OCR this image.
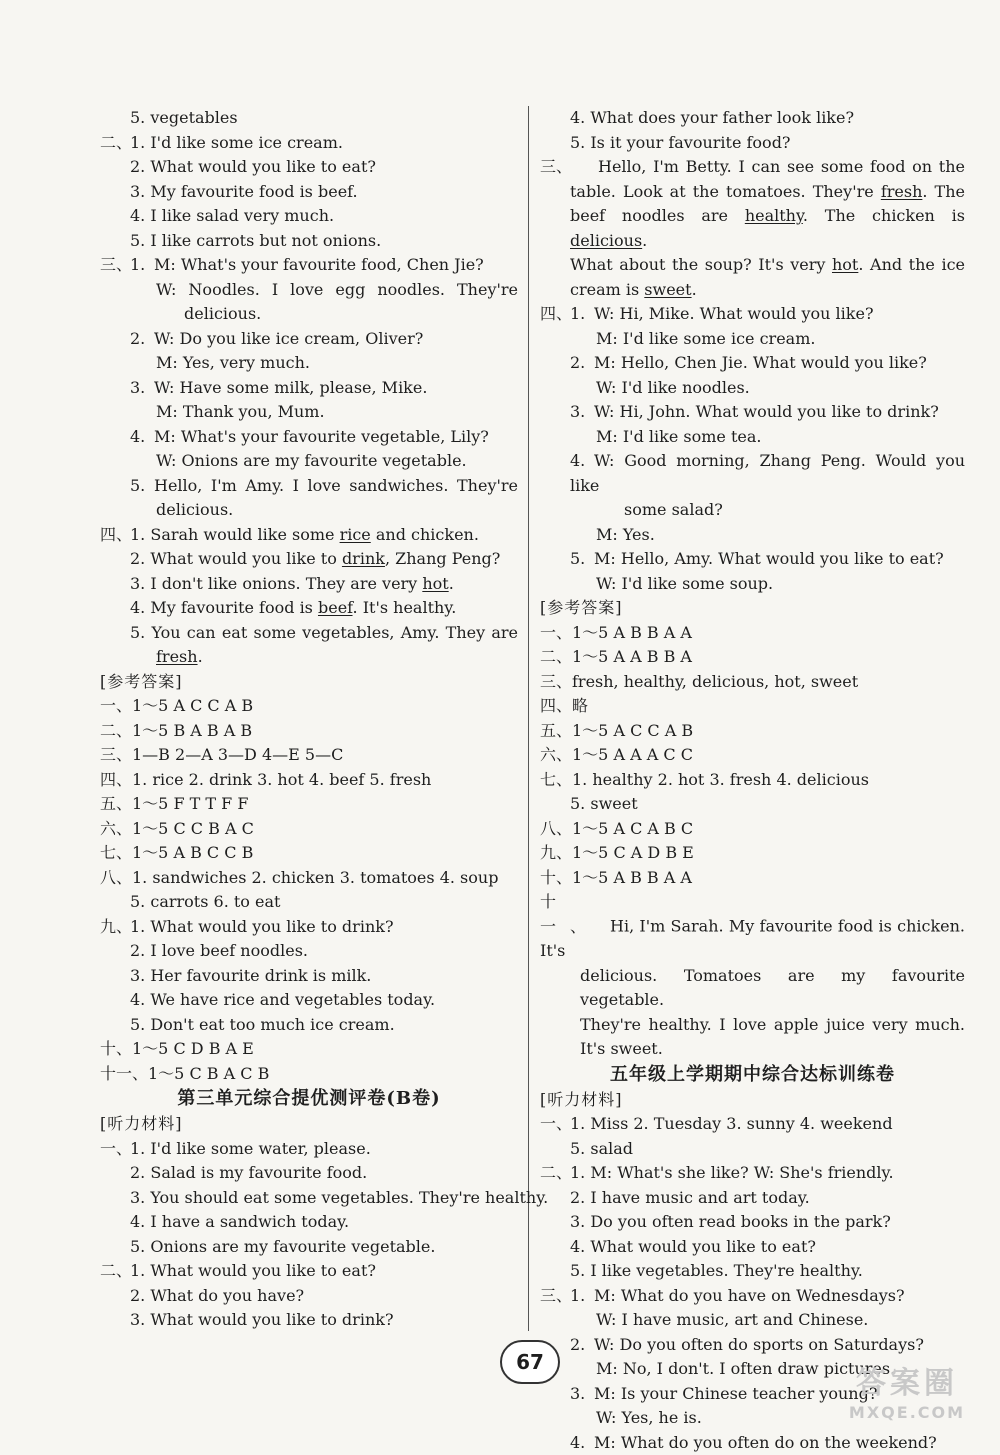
5. vegetables
二、1. I'd like some ice cream.
2. What would you like to eat?
3. My favourite food is beef.
4. I like salad very much.
5. I like carrots but not onions.
三、1. M: What's your favourite food, Chen Jie?
W: Noodles. I love egg noodles. They're
delicious.
2. W: Do you like ice cream, Oliver?
M: Yes, very much.
3. W: Have some milk, please, Mike.
M: Thank you, Mum.
4. M: What's your favourite vegetable, Lily?
W: Onions are my favourite vegetable.
5. Hello, I'm Amy. I love sandwiches. They're
delicious.
四、1. Sarah would like some rice and chicken.
2. What would you like to drink, Zhang Peng?
3. I don't like onions. They are very hot.
4. My favourite food is beef. It's healthy.
5. You can eat some vegetables, Amy. They are
fresh.
[参考答案]
一、1～5 A C C A B
二、1～5 B A B A B
三、1—B 2—A 3—D 4—E 5—C
四、1. rice 2. drink 3. hot 4. beef 5. fresh
五、1～5 F T T F F
六、1～5 C C B A C
七、1～5 A B C C B
八、1. sandwiches 2. chicken 3. tomatoes 4. soup
5. carrots 6. to eat
九、1. What would you like to drink?
2. I love beef noodles.
3. Her favourite drink is milk.
4. We have rice and vegetables today.
5. Don't eat too much ice cream.
十、1～5 C D B A E
十一、1～5 C B A C B
第三单元综合提优测评卷(B卷)
[听力材料]
一、1. I'd like some water, please.
2. Salad is my favourite food.
3. You should eat some vegetables. They're healthy.
4. I have a sandwich today.
5. Onions are my favourite vegetable.
二、1. What would you like to eat?
2. What do you have?
3. What would you like to drink?
4. What does your father look like?
5. Is it your favourite food?
三、 Hello, I'm Betty. I can see some food on the
table. Look at the tomatoes. They're fresh. The
beef noodles are healthy. The chicken is delicious.
What about the soup? It's very hot. And the ice
cream is sweet.
四、1. W: Hi, Mike. What would you like?
M: I'd like some ice cream.
2. M: Hello, Chen Jie. What would you like?
W: I'd like noodles.
3. W: Hi, John. What would you like to drink?
M: I'd like some tea.
4. W: Good morning, Zhang Peng. Would you like
some salad?
M: Yes.
5. M: Hello, Amy. What would you like to eat?
W: I'd like some soup.
[参考答案]
一、1～5 A B B A A
二、1～5 A A B B A
三、fresh, healthy, delicious, hot, sweet
四、略
五、1～5 A C C A B
六、1～5 A A A C C
七、1. healthy 2. hot 3. fresh 4. delicious
5. sweet
八、1～5 A C A B C
九、1～5 C A D B E
十、1～5 A B B A A
十一、 Hi, I'm Sarah. My favourite food is chicken. It's
delicious. Tomatoes are my favourite vegetable.
They're healthy. I love apple juice very much.
It's sweet.
五年级上学期期中综合达标训练卷
[听力材料]
一、1. Miss 2. Tuesday 3. sunny 4. weekend
5. salad
二、1. M: What's she like? W: She's friendly.
2. I have music and art today.
3. Do you often read books in the park?
4. What would you like to eat?
5. I like vegetables. They're healthy.
三、1. M: What do you have on Wednesdays?
W: I have music, art and Chinese.
2. W: Do you often do sports on Saturdays?
M: No, I don't. I often draw pictures.
3. M: Is your Chinese teacher young?
W: Yes, he is.
4. M: What do you often do on the weekend?
67
答案圈
MXQE.COM
